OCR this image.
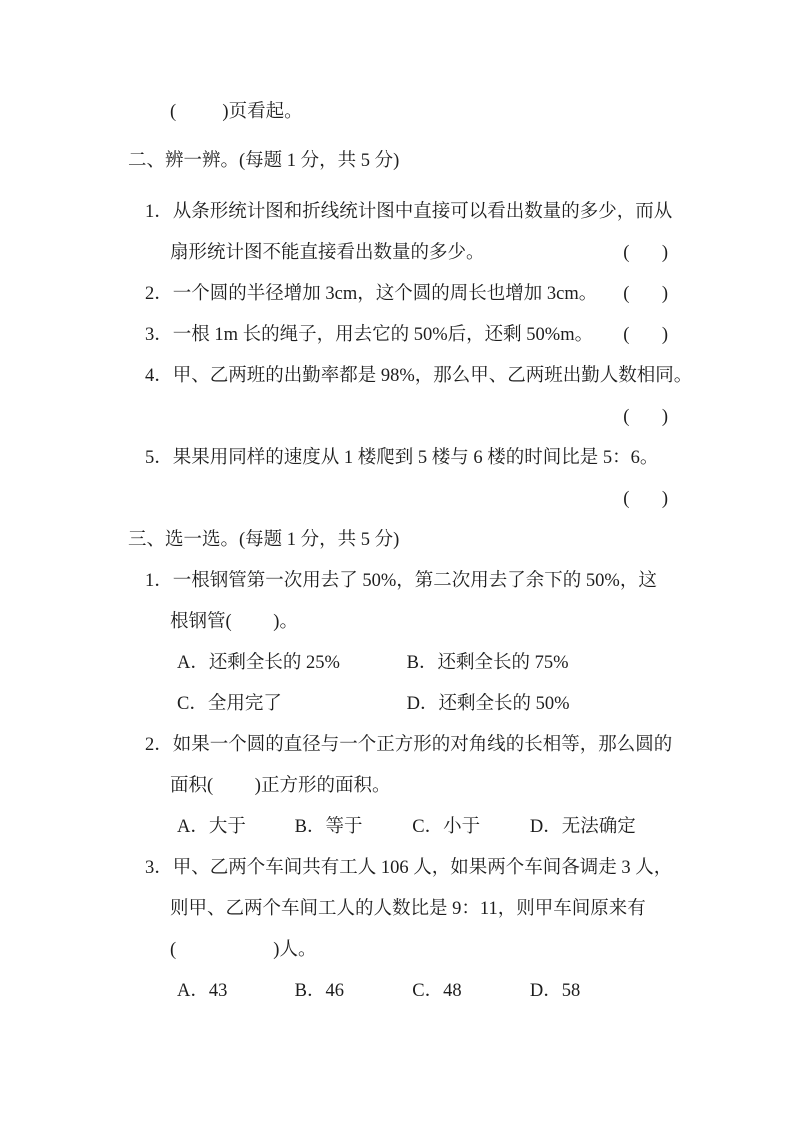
(          )页看起。
二、辨一辨。(每题 1 分，共 5 分)
1．从条形统计图和折线统计图中直接可以看出数量的多少，而从
(       )
扇形统计图不能直接看出数量的多少。
(       )
2．一个圆的半径增加 3cm，这个圆的周长也增加 3cm。
(       )
3．一根 1m 长的绳子，用去它的 50%后，还剩 50%m。
4．甲、乙两班的出勤率都是 98%，那么甲、乙两班出勤人数相同。
(       )
5．果果用同样的速度从 1 楼爬到 5 楼与 6 楼的时间比是 5：6。
(       )
三、选一选。(每题 1 分，共 5 分)
1．一根钢管第一次用去了 50%，第二次用去了余下的 50%，这
根钢管(         )。
A．还剩全长的 25%	B．还剩全长的 75%
C．全用完了	D．还剩全长的 50%
2．如果一个圆的直径与一个正方形的对角线的长相等，那么圆的
面积(         )正方形的面积。
A．大于	B．等于	C．小于	D．无法确定
3．甲、乙两个车间共有工人 106 人，如果两个车间各调走 3 人，
则甲、乙两个车间工人的人数比是 9：11，则甲车间原来有
(                     )人。
A．43	B．46	C．48	D．58
